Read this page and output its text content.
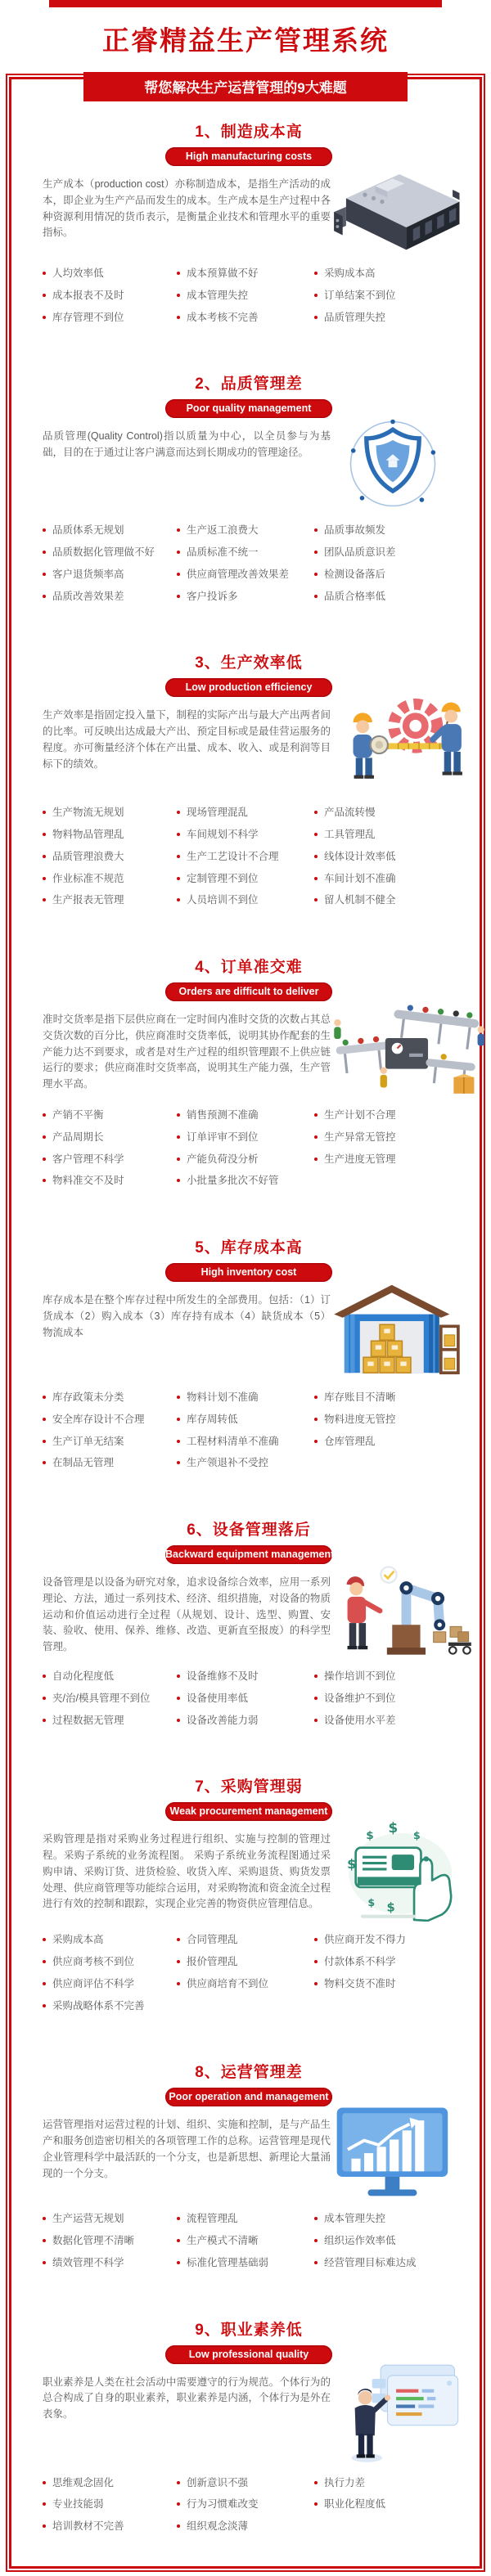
正睿精益生产管理系统
帮您解决生产运营管理的9大难题
1、制造成本高
High manufacturing costs

生产成本（production cost）亦称制造成本，是指生产活动的成本，即企业为生产产品而发生的成本。生产成本是生产过程中各种资源利用情况的货币表示，是衡量企业技术和管理水平的重要指标。

人均效率低
成本报表不及时
库存管理不到位
成本预算做不好
成本管理失控
成本考核不完善
采购成本高
订单结案不到位
品质管理失控
2、品质管理差
Poor quality management

品质管理(Quality Control)指以质量为中心，以全员参与为基础，目的在于通过让客户满意而达到长期成功的管理途径。

品质体系无规划
品质数据化管理做不好
客户退货频率高
品质改善效果差
生产返工浪费大
品质标准不统一
供应商管理改善效果差
客户投诉多
品质事故频发
团队品质意识差
检测设备落后
品质合格率低
3、生产效率低
Low production efficiency

生产效率是指固定投入量下，制程的实际产出与最大产出两者间的比率。可反映出达成最大产出、预定目标或是最佳营运服务的程度。亦可衡量经济个体在产出量、成本、收入、或是利润等目标下的绩效。

生产物流无规划
物料物品管理乱
品质管理浪费大
作业标准不规范
生产报表无管理
现场管理混乱
车间规划不科学
生产工艺设计不合理
定制管理不到位
人员培训不到位
产品流转慢
工具管理乱
线体设计效率低
车间计划不准确
留人机制不健全
4、订单准交难
Orders are difficult to deliver

准时交货率是指下层供应商在一定时间内准时交货的次数占其总交货次数的百分比，供应商准时交货率低，说明其协作配套的生产能力达不到要求，或者是对生产过程的组织管理跟不上供应链运行的要求；供应商准时交货率高，说明其生产能力强，生产管理水平高。

产销不平衡
产品周期长
客户管理不科学
物料准交不及时
销售预测不准确
订单评审不到位
产能负荷没分析
小批量多批次不好管
生产计划不合理
生产异常无管控
生产进度无管理
5、库存成本高
High inventory cost

库存成本是在整个库存过程中所发生的全部费用。包括：（1）订货成本（2）购入成本（3）库存持有成本（4）缺货成本（5）物流成本

库存政策未分类
安全库存设计不合理
生产订单无结案
在制品无管理
物料计划不准确
库存周转低
工程材料清单不准确
生产领退补不受控
库存账目不清晰
物料进度无管控
仓库管理乱
6、设备管理落后
Backward equipment management

设备管理是以设备为研究对象，追求设备综合效率，应用一系列理论、方法，通过一系列技术、经济、组织措施，对设备的物质运动和价值运动进行全过程（从规划、设计、选型、购置、安装、验收、使用、保养、维修、改造、更新直至报废）的科学型管理。

自动化程度低
夹/治/模具管理不到位
过程数据无管理
设备维修不及时
设备使用率低
设备改善能力弱
操作培训不到位
设备维护不到位
设备使用水平差
7、采购管理弱
Weak procurement management

采购管理是指对采购业务过程进行组织、实施与控制的管理过程。采购子系统的业务流程图。 采购子系统业务流程图通过采购申请、采购订货、进货检验、收货入库、采购退货、购货发票处理、供应商管理等功能综合运用，对采购物流和资金流全过程进行有效的控制和跟踪，实现企业完善的物资供应管理信息。

$
$ $
$
$ $
采购成本高
供应商考核不到位
供应商评估不科学
采购战略体系不完善
合同管理乱
报价管理乱
供应商培育不到位
供应商开发不得力
付款体系不科学
物料交货不准时
8、运营管理差
Poor operation and management

运营管理指对运营过程的计划、组织、实施和控制，是与产品生产和服务创造密切相关的各项管理工作的总称。运营管理是现代企业管理科学中最活跃的一个分支，也是新思想、新理论大量涌现的一个分支。

生产运营无规划
数据化管理不清晰
绩效管理不科学
流程管理乱
生产模式不清晰
标准化管理基础弱
成本管理失控
组织运作效率低
经营管理目标难达成
9、职业素养低
Low professional quality

职业素养是人类在社会活动中需要遵守的行为规范。个体行为的总合构成了自身的职业素养，职业素养是内涵，个体行为是外在表象。

思维观念固化
专业技能弱
培训教材不完善
创新意识不强
行为习惯难改变
组织观念淡薄
执行力差
职业化程度低
